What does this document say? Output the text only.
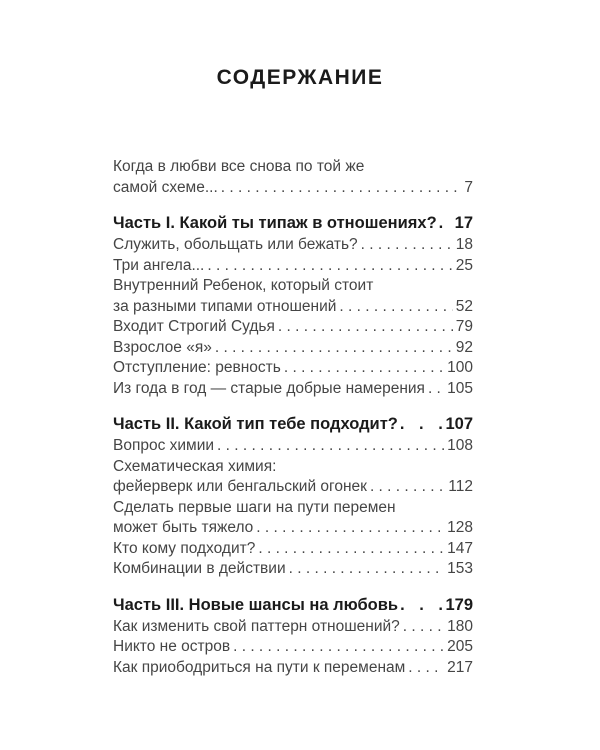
СОДЕРЖАНИЕ
Когда в любви все снова по той же
самой схеме... . . .	7
Часть I. Какой ты типаж в отношениях? . . . 17
Служить, обольщать или бежать? . . .	18
Три ангела... . . .	25
Внутренний Ребенок, который стоит
за разными типами отношений . . .	52
Входит Строгий Судья . . .	79
Взрослое «я» . . .	92
Отступление: ревность . . .	100
Из года в год — старые добрые намерения . . . 105
Часть II. Какой тип тебе подходит? . . .	107
Вопрос химии . . .	108
Схематическая химия:
фейерверк или бенгальский огонек . . .	112
Сделать первые шаги на пути перемен
может быть тяжело . . .	128
Кто кому подходит? . . .	147
Комбинации в действии . . .	153
Часть III. Новые шансы на любовь . . .	179
Как изменить свой паттерн отношений? . . .	180
Никто не остров . . .	205
Как приободриться на пути к переменам . . .	217
